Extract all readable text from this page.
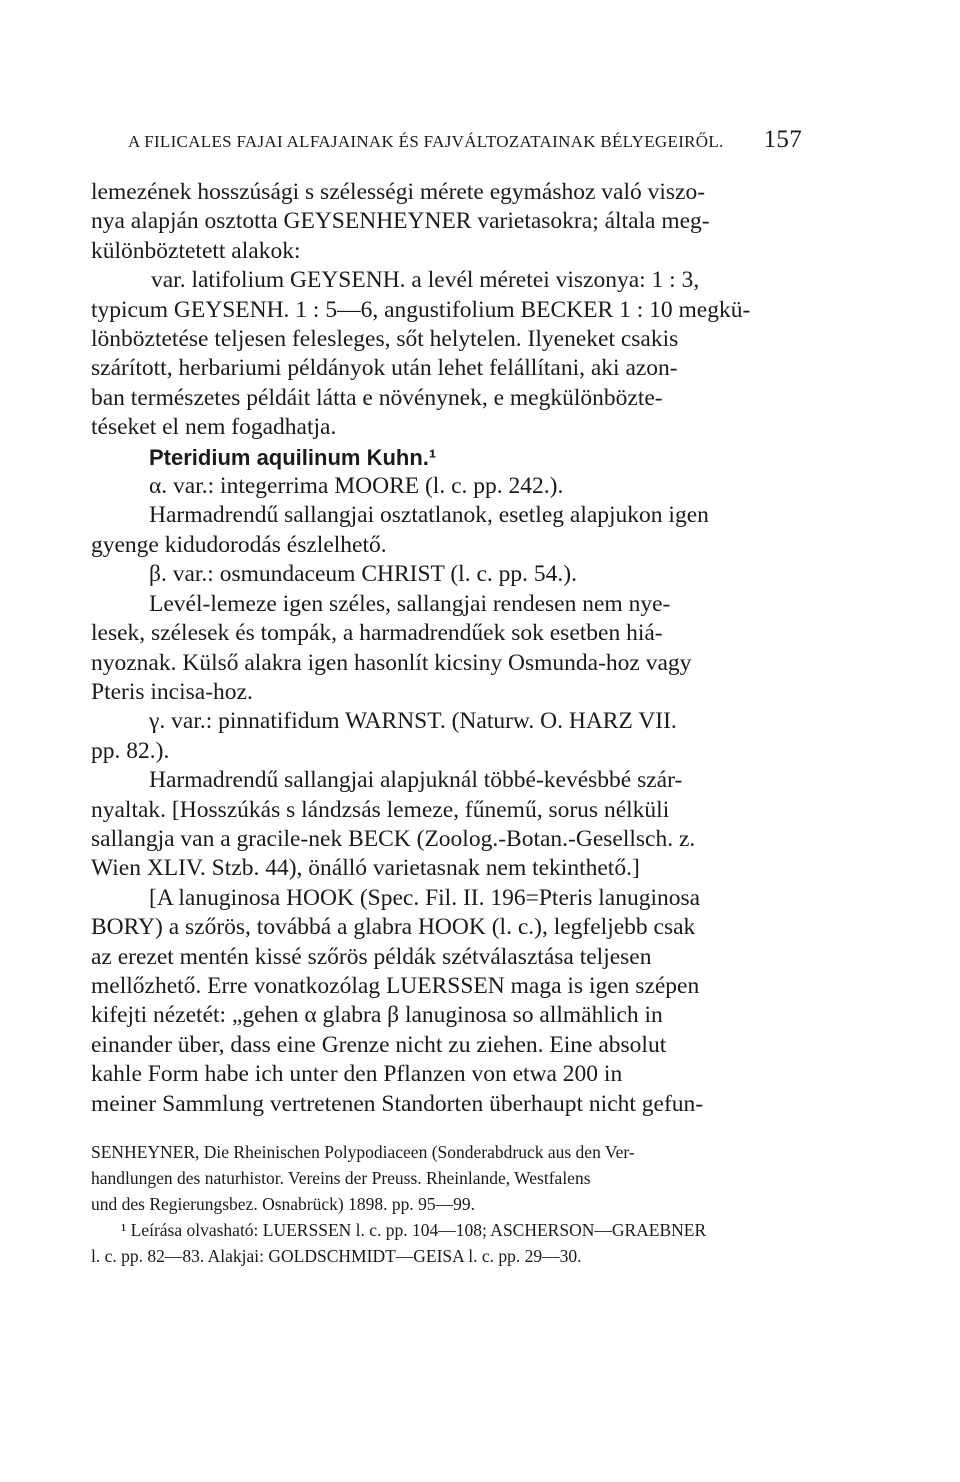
A FILICALES FAJAI ALFAJAINAK ÉS FAJVÁLTOZATAINAK BÉLYEGEIRŐL. 157
lemezének hosszúsági s szélességi mérete egymáshoz való viszo-
nya alapján osztotta GEYSENHEYNER varietasokra; általa meg-
különböztetett alakok:
var. latifolium GEYSENH. a levél méretei viszonya: 1 : 3,
typicum GEYSENH. 1 : 5—6, angustifolium BECKER 1 : 10 megkü-
lönböztetése teljesen felesleges, sőt helytelen. Ilyeneket csakis
szárított, herbariumi példányok után lehet felállítani, aki azon-
ban természetes példáit látta e növénynek, e megkülönbözte-
téseket el nem fogadhatja.
Pteridium aquilinum Kuhn.¹
α. var.: integerrima MOORE (l. c. pp. 242.).
Harmadrendű sallangjai osztatlanok, esetleg alapjukon igen
gyenge kidudorodás észlelhető.
β. var.: osmundaceum CHRIST (l. c. pp. 54.).
Levél-lemeze igen széles, sallangjai rendesen nem nye-
lesek, szélesek és tompák, a harmadrendűek sok esetben hiá-
nyoznak. Külső alakra igen hasonlít kicsiny Osmunda-hoz vagy
Pteris incisa-hoz.
γ. var.: pinnatifidum WARNST. (Naturw. O. HARZ VII.
pp. 82.).
Harmadrendű sallangjai alapjuknál többé-kevésbbé szár-
nyaltak. [Hosszúkás s lándzsás lemeze, fűnemű, sorus nélküli
sallangja van a gracile-nek BECK (Zoolog.-Botan.-Gesellsch. z.
Wien XLIV. Stzb. 44), önálló varietasnak nem tekinthető.]
[A lanuginosa HOOK (Spec. Fil. II. 196=Pteris lanuginosa
BORY) a szőrös, továbbá a glabra HOOK (l. c.), legfeljebb csak
az erezet mentén kissé szőrös példák szétválasztása teljesen
mellőzhető. Erre vonatkozólag LUERSSEN maga is igen szépen
kifejti nézetét: „gehen α glabra β lanuginosa so allmählich in
einander über, dass eine Grenze nicht zu ziehen. Eine absolut
kahle Form habe ich unter den Pflanzen von etwa 200 in
meiner Sammlung vertretenen Standorten überhaupt nicht gefun-
SENHEYNER, Die Rheinischen Polypodiaceen (Sonderabdruck aus den Ver-
handlungen des naturhistor. Vereins der Preuss. Rheinlande, Westfalens
und des Regierungsbez. Osnabrück) 1898. pp. 95—99.
¹ Leírása olvasható: LUERSSEN l. c. pp. 104—108; ASCHERSON—GRAEBNER
l. c. pp. 82—83. Alakjai: GOLDSCHMIDT—GEISA l. c. pp. 29—30.
